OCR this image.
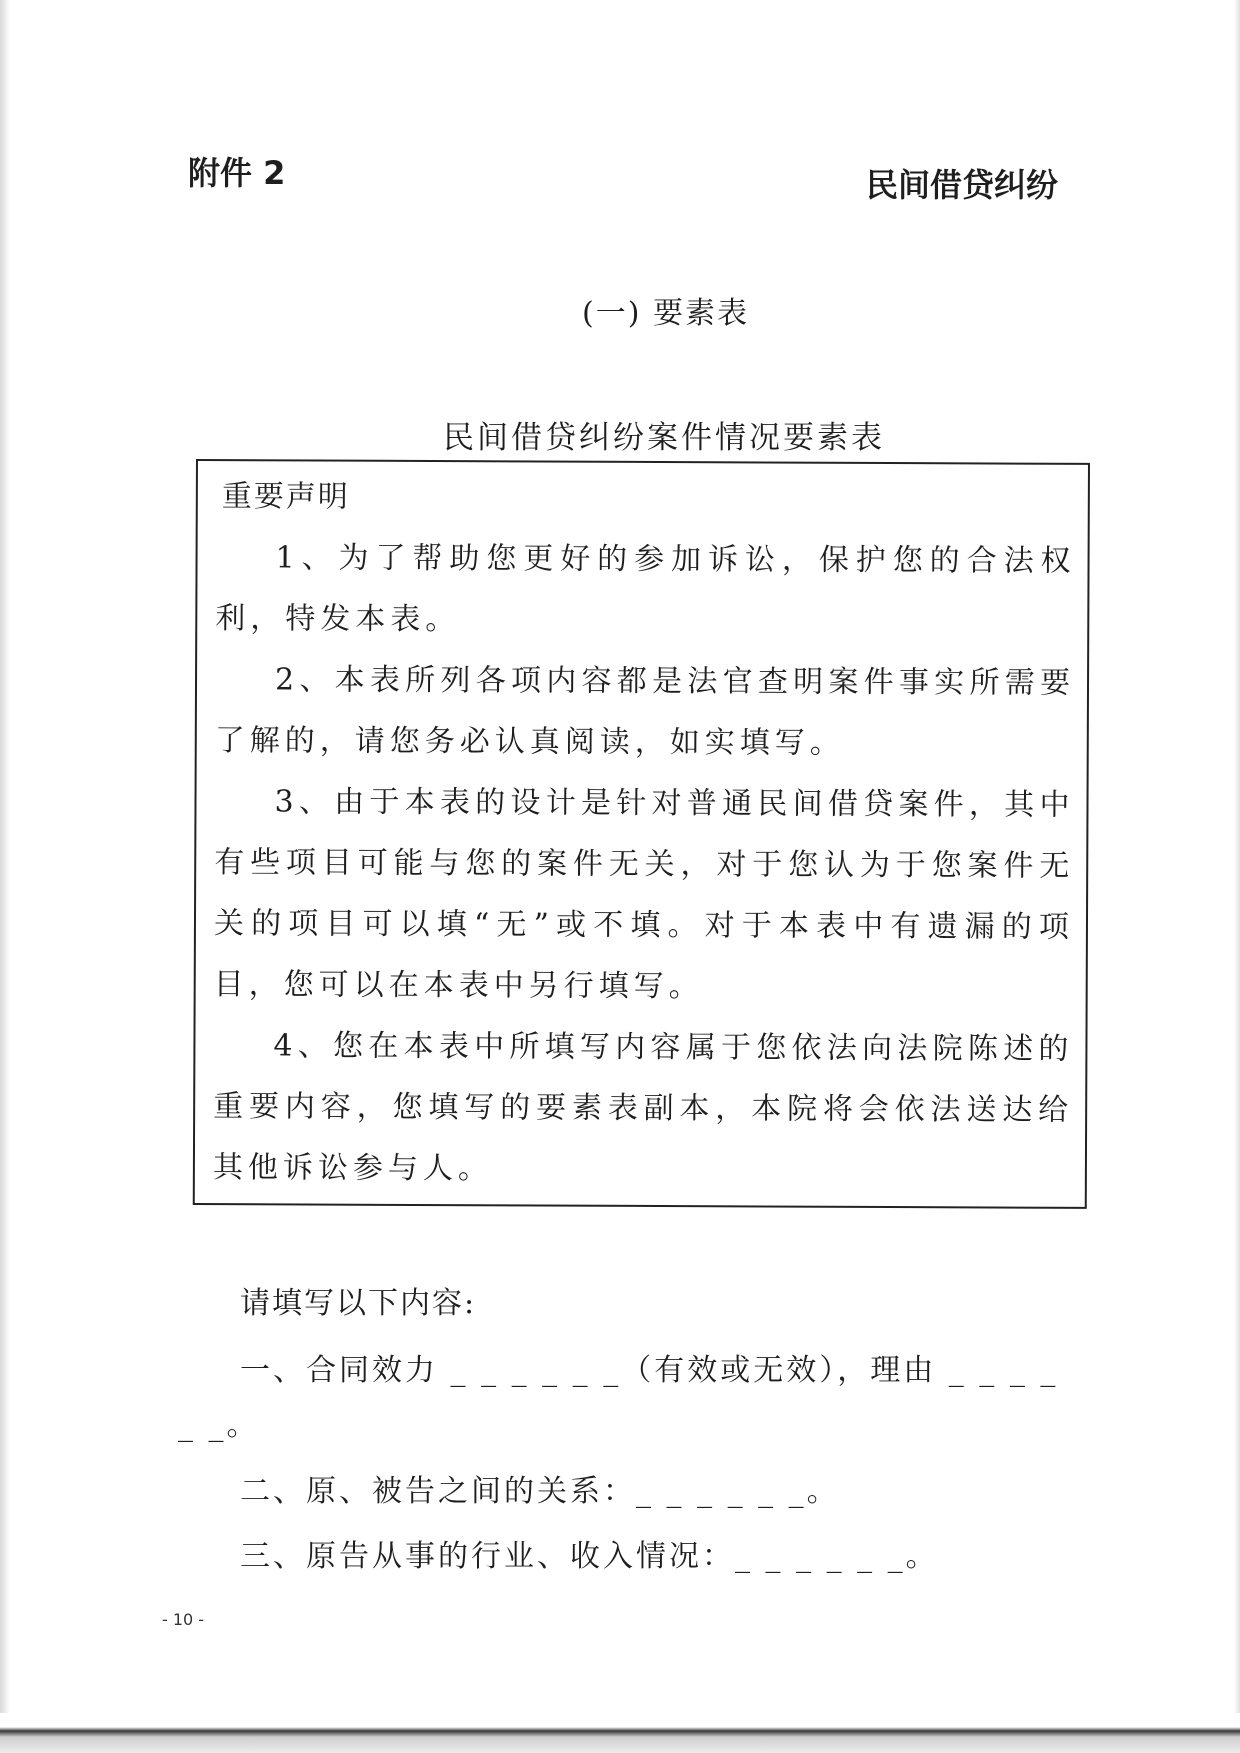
附件 2	民间借贷纠纷
(一) 要素表
民间借贷纠纷案件情况要素表
重要声明

1、为了帮助您更好的参加诉讼，保护您的合法权利，特发本表。

2、本表所列各项内容都是法官查明案件事实所需要了解的，请您务必认真阅读，如实填写。

3、由于本表的设计是针对普通民间借贷案件，其中有些项目可能与您的案件无关，对于您认为于您案件无关的项目可以填“无”或不填。对于本表中有遗漏的项目，您可以在本表中另行填写。

4、您在本表中所填写内容属于您依法向法院陈述的重要内容，您填写的要素表副本，本院将会依法送达给其他诉讼参与人。

请填写以下内容:
一、合同效力 _ _ _ _ _ _（有效或无效），理由 _ _ _ _
_ _。
二、原、被告之间的关系：_ _ _ _ _ _。
三、原告从事的行业、收入情况：_ _ _ _ _ _。
- 10 -
